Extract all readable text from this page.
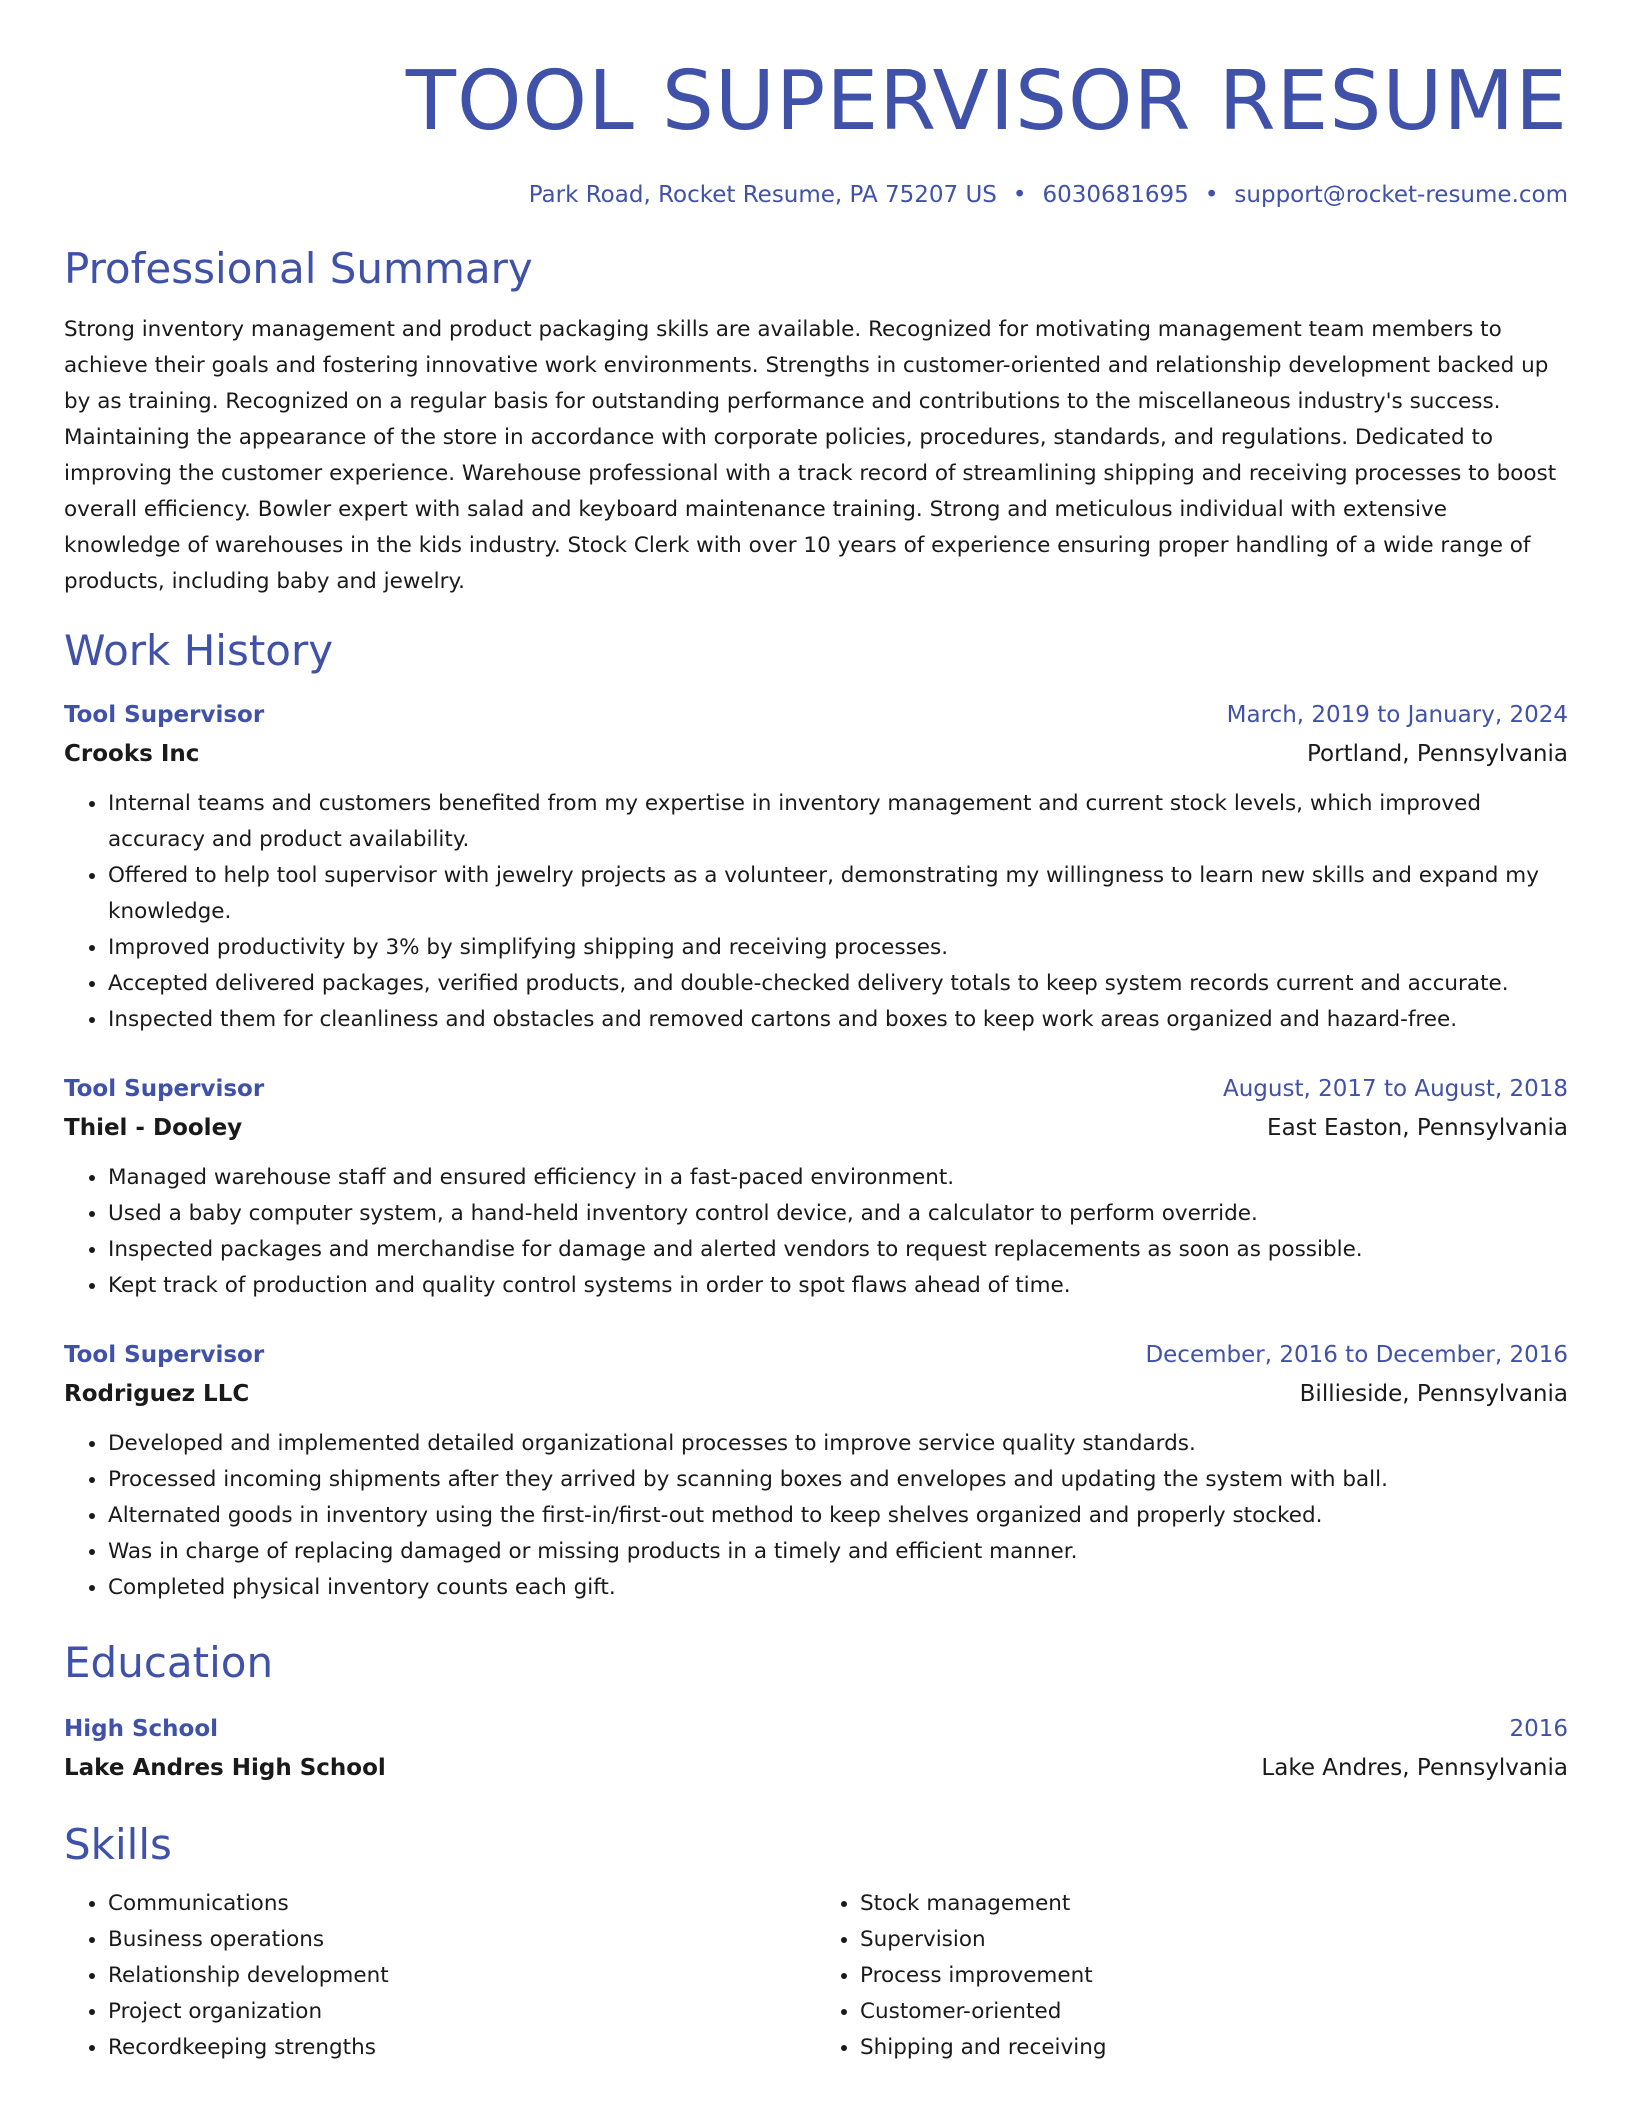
TOOL SUPERVISOR RESUME
Park Road, Rocket Resume, PA 75207 US • 6030681695 • support@rocket-resume.com
Professional Summary
Strong inventory management and product packaging skills are available. Recognized for motivating management team members to achieve their goals and fostering innovative work environments. Strengths in customer-oriented and relationship development backed up by as training. Recognized on a regular basis for outstanding performance and contributions to the miscellaneous industry's success. Maintaining the appearance of the store in accordance with corporate policies, procedures, standards, and regulations. Dedicated to improving the customer experience. Warehouse professional with a track record of streamlining shipping and receiving processes to boost overall efficiency. Bowler expert with salad and keyboard maintenance training. Strong and meticulous individual with extensive knowledge of warehouses in the kids industry. Stock Clerk with over 10 years of experience ensuring proper handling of a wide range of products, including baby and jewelry.
Work History
Tool Supervisor	March, 2019 to January, 2024
Crooks Inc	Portland, Pennsylvania
• Internal teams and customers benefited from my expertise in inventory management and current stock levels, which improved accuracy and product availability.
• Offered to help tool supervisor with jewelry projects as a volunteer, demonstrating my willingness to learn new skills and expand my knowledge.
• Improved productivity by 3% by simplifying shipping and receiving processes.
• Accepted delivered packages, verified products, and double-checked delivery totals to keep system records current and accurate.
• Inspected them for cleanliness and obstacles and removed cartons and boxes to keep work areas organized and hazard-free.
Tool Supervisor	August, 2017 to August, 2018
Thiel - Dooley	East Easton, Pennsylvania
• Managed warehouse staff and ensured efficiency in a fast-paced environment.
• Used a baby computer system, a hand-held inventory control device, and a calculator to perform override.
• Inspected packages and merchandise for damage and alerted vendors to request replacements as soon as possible.
• Kept track of production and quality control systems in order to spot flaws ahead of time.
Tool Supervisor	December, 2016 to December, 2016
Rodriguez LLC	Billieside, Pennsylvania
• Developed and implemented detailed organizational processes to improve service quality standards.
• Processed incoming shipments after they arrived by scanning boxes and envelopes and updating the system with ball.
• Alternated goods in inventory using the first-in/first-out method to keep shelves organized and properly stocked.
• Was in charge of replacing damaged or missing products in a timely and efficient manner.
• Completed physical inventory counts each gift.
Education
High School	2016
Lake Andres High School	Lake Andres, Pennsylvania
Skills
• Communications
• Business operations
• Relationship development
• Project organization
• Recordkeeping strengths
• Stock management
• Supervision
• Process improvement
• Customer-oriented
• Shipping and receiving
